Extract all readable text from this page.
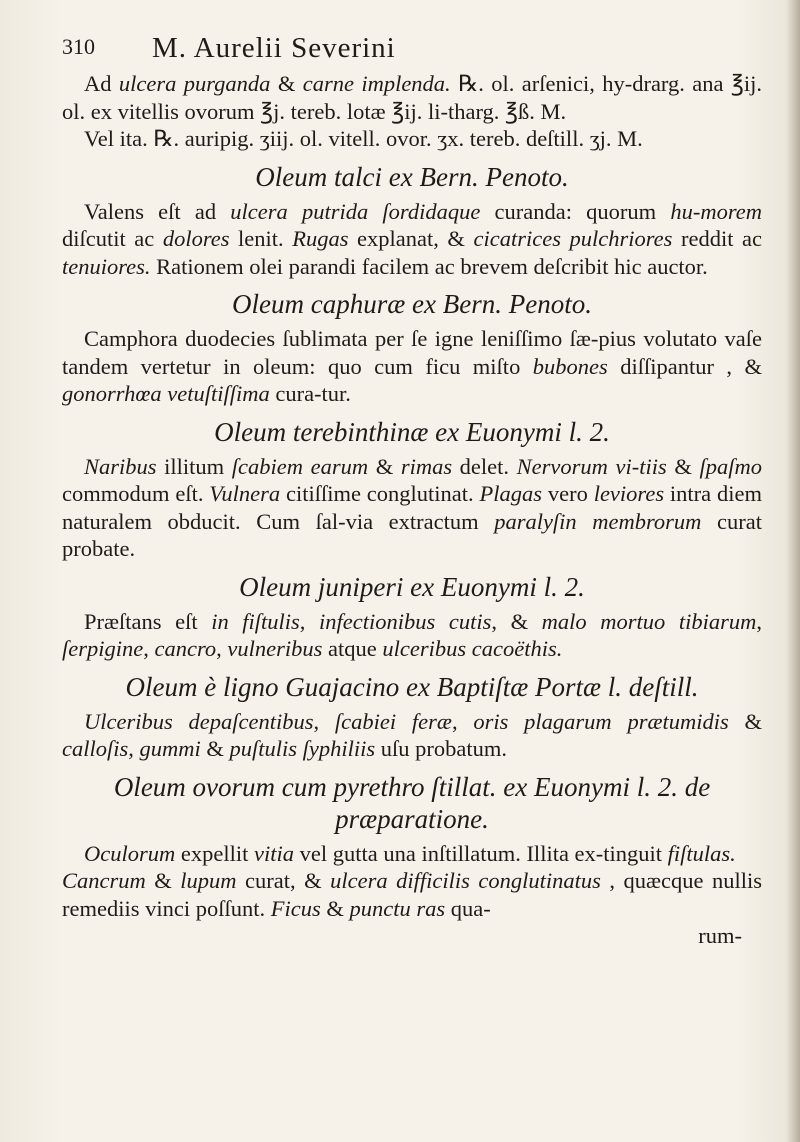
310 M. Aurelii Severini

Ad ulcera purganda & carne implenda. ℞. ol. arſenici, hy-drarg. ana ℥ij. ol. ex vitellis ovorum ℥j. tereb. lotæ ℥ij. li-tharg. ℥ß. M.

Vel ita. ℞. auripig. ʒiij. ol. vitell. ovor. ʒx. tereb. deſtill. ʒj. M.

Oleum talci ex Bern. Penoto.

Valens eſt ad ulcera putrida ſordidaque curanda: quorum hu-morem diſcutit ac dolores lenit. Rugas explanat, & cicatrices pulchriores reddit ac tenuiores. Rationem olei parandi facilem ac brevem deſcribit hic auctor.

Oleum caphuræ ex Bern. Penoto.

Camphora duodecies ſublimata per ſe igne leniſſimo ſæ-pius volutato vaſe tandem vertetur in oleum: quo cum ficu miſto bubones diſſipantur , & gonorrhœa vetuſtiſſima cura-tur.

Oleum terebinthinæ ex Euonymi l. 2.

Naribus illitum ſcabiem earum & rimas delet. Nervorum vi-tiis & ſpaſmo commodum eſt. Vulnera citiſſime conglutinat. Plagas vero leviores intra diem naturalem obducit. Cum ſal-via extractum paralyſin membrorum curat probate.

Oleum juniperi ex Euonymi l. 2.

Præſtans eſt in fiſtulis, infectionibus cutis, & malo mortuo tibiarum, ſerpigine, cancro, vulneribus atque ulceribus cacoëthis.

Oleum è ligno Guajacino ex Baptiſtæ Portæ l. deſtill.

Ulceribus depaſcentibus, ſcabiei feræ, oris plagarum prætumidis & calloſis, gummi & puſtulis ſyphiliis uſu probatum.

Oleum ovorum cum pyrethro ſtillat. ex Euonymi l. 2. de præparatione.

Oculorum expellit vitia vel gutta una inſtillatum. Illita ex-tinguit fiſtulas.

Cancrum & lupum curat, & ulcera difficilis conglutinatus , quæcque nullis remediis vinci poſſunt. Ficus & punctu ras qua-

rum-
